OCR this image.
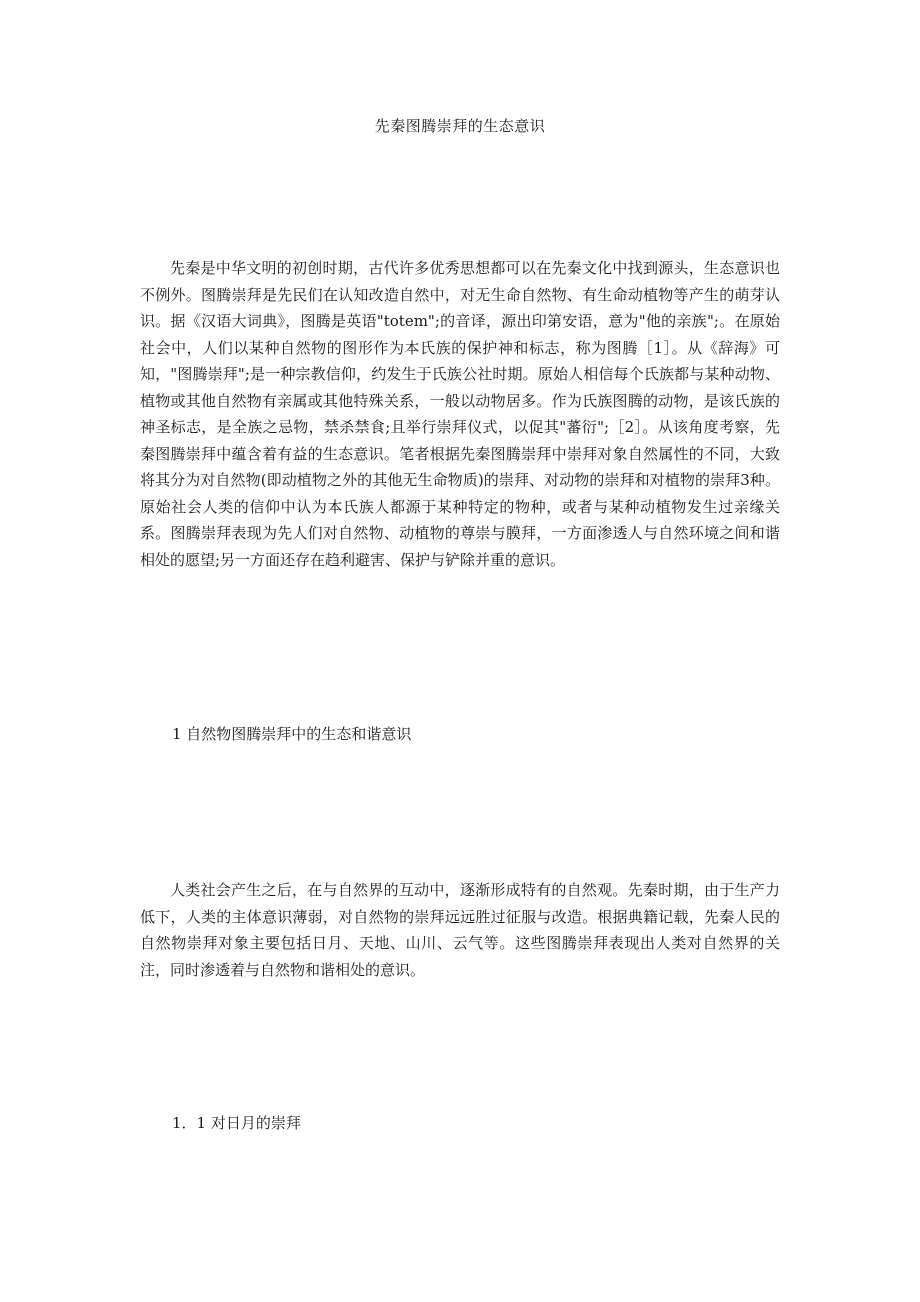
先秦图腾崇拜的生态意识

先秦是中华文明的初创时期，古代许多优秀思想都可以在先秦文化中找到源头，生态意识也不例外。图腾崇拜是先民们在认知改造自然中，对无生命自然物、有生命动植物等产生的萌芽认识。据《汉语大词典》，图腾是英语"totem";的音译，源出印第安语，意为"他的亲族";。在原始社会中，人们以某种自然物的图形作为本氏族的保护神和标志，称为图腾［1］。从《辞海》可知，"图腾崇拜";是一种宗教信仰，约发生于氏族公社时期。原始人相信每个氏族都与某种动物、植物或其他自然物有亲属或其他特殊关系，一般以动物居多。作为氏族图腾的动物，是该氏族的神圣标志，是全族之忌物，禁杀禁食;且举行崇拜仪式，以促其"蕃衍";［2］。从该角度考察，先秦图腾崇拜中蕴含着有益的生态意识。笔者根据先秦图腾崇拜中崇拜对象自然属性的不同，大致将其分为对自然物(即动植物之外的其他无生命物质)的崇拜、对动物的崇拜和对植物的崇拜3种。原始社会人类的信仰中认为本氏族人都源于某种特定的物种，或者与某种动植物发生过亲缘关系。图腾崇拜表现为先人们对自然物、动植物的尊崇与膜拜，一方面渗透人与自然环境之间和谐相处的愿望;另一方面还存在趋利避害、保护与铲除并重的意识。

1 自然物图腾崇拜中的生态和谐意识

人类社会产生之后，在与自然界的互动中，逐渐形成特有的自然观。先秦时期，由于生产力低下，人类的主体意识薄弱，对自然物的崇拜远远胜过征服与改造。根据典籍记载，先秦人民的自然物崇拜对象主要包括日月、天地、山川、云气等。这些图腾崇拜表现出人类对自然界的关注，同时渗透着与自然物和谐相处的意识。

1．1 对日月的崇拜
